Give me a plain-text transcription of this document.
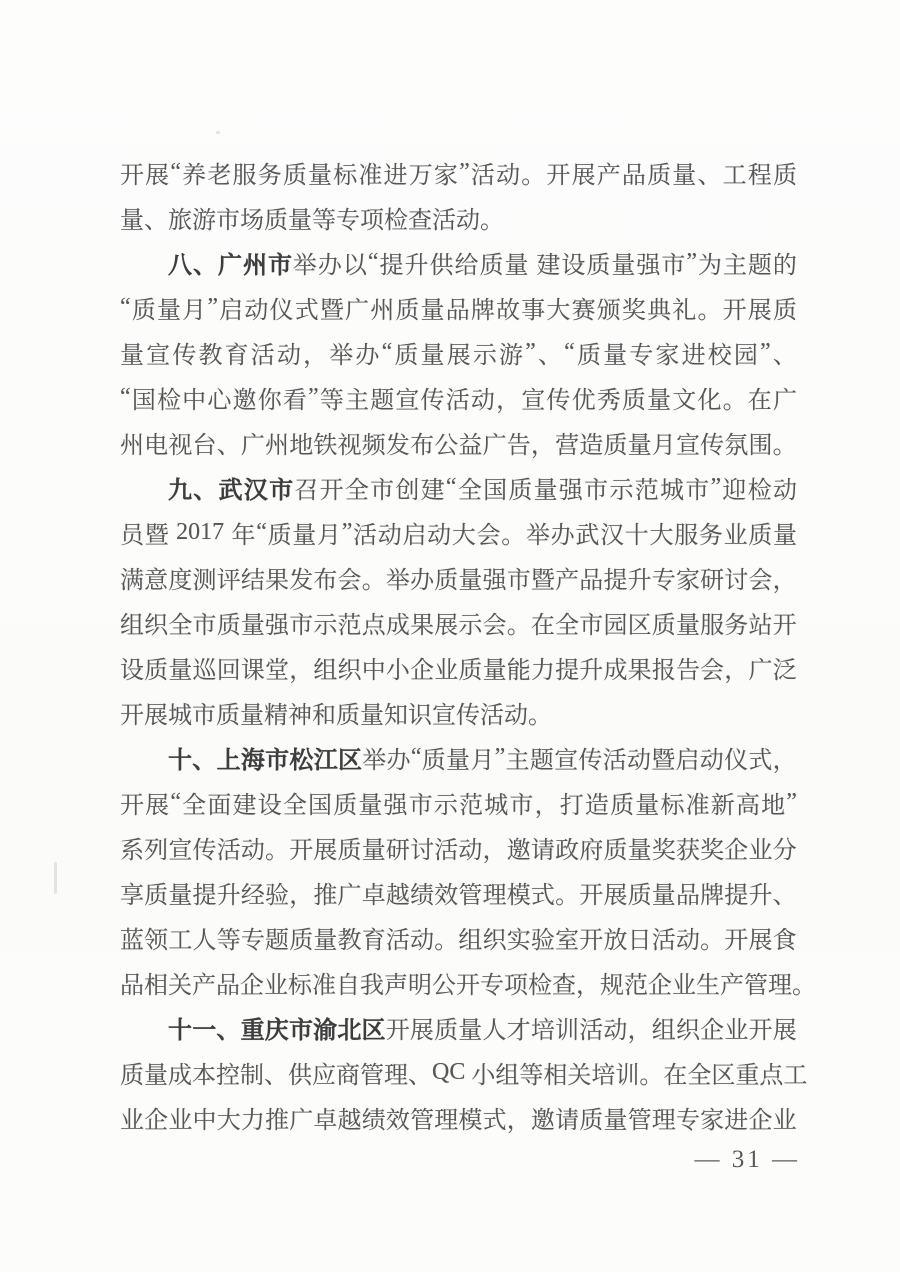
开 展 “ 养 老 服 务 质 量 标 准 进 万 家 ” 活 动 。 开 展 产 品 质 量 、 工 程 质
量 、 旅 游 市 场 质 量 等 专 项 检 查 活 动 。
八 、 广 州 市 举 办 以 “ 提 升 供 给 质 量
建 设 质 量 强 市 ” 为 主 题 的
“ 质 量 月 ” 启 动 仪 式 暨 广 州 质 量 品 牌 故 事 大 赛 颁 奖 典 礼 。 开 展 质
量 宣 传 教 育 活 动 ， 举 办 “ 质 量 展 示 游 ” 、 “ 质 量 专 家 进 校 园 ” 、
“ 国 检 中 心 邀 你 看 ” 等 主 题 宣 传 活 动 ， 宣 传 优 秀 质 量 文 化 。 在 广
州 电 视 台 、 广 州 地 铁 视 频 发 布 公 益 广 告 ， 营 造 质 量 月 宣 传 氛 围 。
九 、 武 汉 市 召 开 全 市 创 建 “ 全 国 质 量 强 市 示 范 城 市 ” 迎 检 动
员 暨
2017
年 “ 质 量 月 ” 活 动 启 动 大 会 。 举 办 武 汉 十 大 服 务 业 质 量
满 意 度 测 评 结 果 发 布 会 。 举 办 质 量 强 市 暨 产 品 提 升 专 家 研 讨 会 ，
组 织 全 市 质 量 强 市 示 范 点 成 果 展 示 会 。 在 全 市 园 区 质 量 服 务 站 开
设 质 量 巡 回 课 堂 ， 组 织 中 小 企 业 质 量 能 力 提 升 成 果 报 告 会 ， 广 泛
开 展 城 市 质 量 精 神 和 质 量 知 识 宣 传 活 动 。
十 、 上 海 市 松 江 区 举 办 “ 质 量 月 ” 主 题 宣 传 活 动 暨 启 动 仪 式 ，
开 展 “ 全 面 建 设 全 国 质 量 强 市 示 范 城 市 ， 打 造 质 量 标 准 新 高 地 ”
系 列 宣 传 活 动 。 开 展 质 量 研 讨 活 动 ， 邀 请 政 府 质 量 奖 获 奖 企 业 分
享 质 量 提 升 经 验 ， 推 广 卓 越 绩 效 管 理 模 式 。 开 展 质 量 品 牌 提 升 、
蓝 领 工 人 等 专 题 质 量 教 育 活 动 。 组 织 实 验 室 开 放 日 活 动 。 开 展 食
品 相 关 产 品 企 业 标 准 自 我 声 明 公 开 专 项 检 查 ， 规 范 企 业 生 产 管 理 。
十 一 、 重 庆 市 渝 北 区 开 展 质 量 人 才 培 训 活 动 ， 组 织 企 业 开 展
质 量 成 本 控 制 、 供 应 商 管 理 、 QC
小 组 等 相 关 培 训 。 在 全 区 重 点 工
业 企 业 中 大 力 推 广 卓 越 绩 效 管 理 模 式 ， 邀 请 质 量 管 理 专 家 进 企 业
— 31 —
